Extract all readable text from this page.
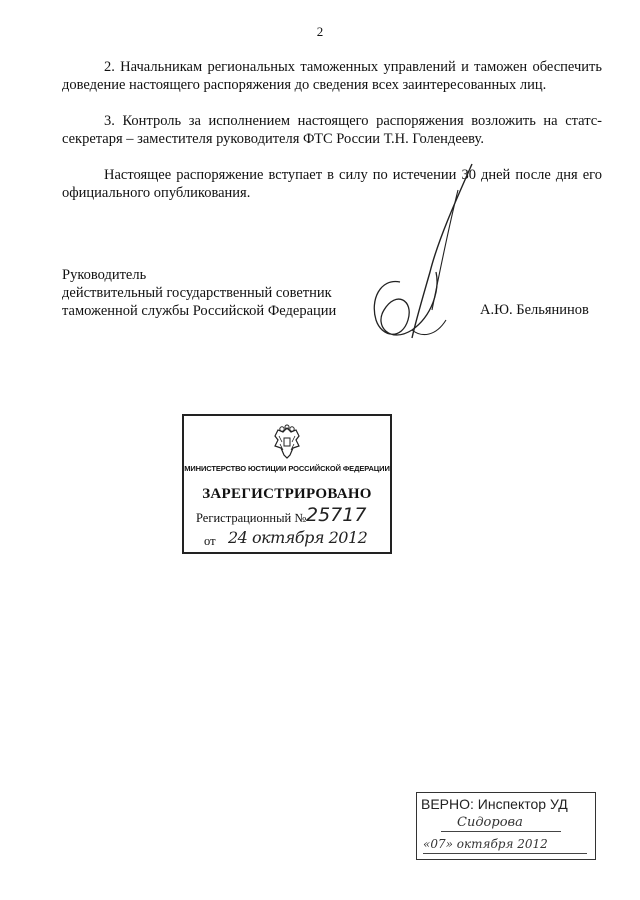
2

2. Начальникам региональных таможенных управлений и таможен обеспечить доведение настоящего распоряжения до сведения всех заинтересованных лиц.

3. Контроль за исполнением настоящего распоряжения возложить на статс-секретаря – заместителя руководителя ФТС России Т.Н. Голендееву.

Настоящее распоряжение вступает в силу по истечении 30 дней после дня его официального опубликования.

Руководитель
действительный государственный советник
таможенной службы Российской Федерации	А.Ю. Бельянинов
МИНИСТЕРСТВО ЮСТИЦИИ РОССИЙСКОЙ ФЕДЕРАЦИИ
ЗАРЕГИСТРИРОВАНО
Регистрационный № 25717
от 24 октября 2012
ВЕРНО: Инспектор УД
Сидорова
«07» октября 2012
